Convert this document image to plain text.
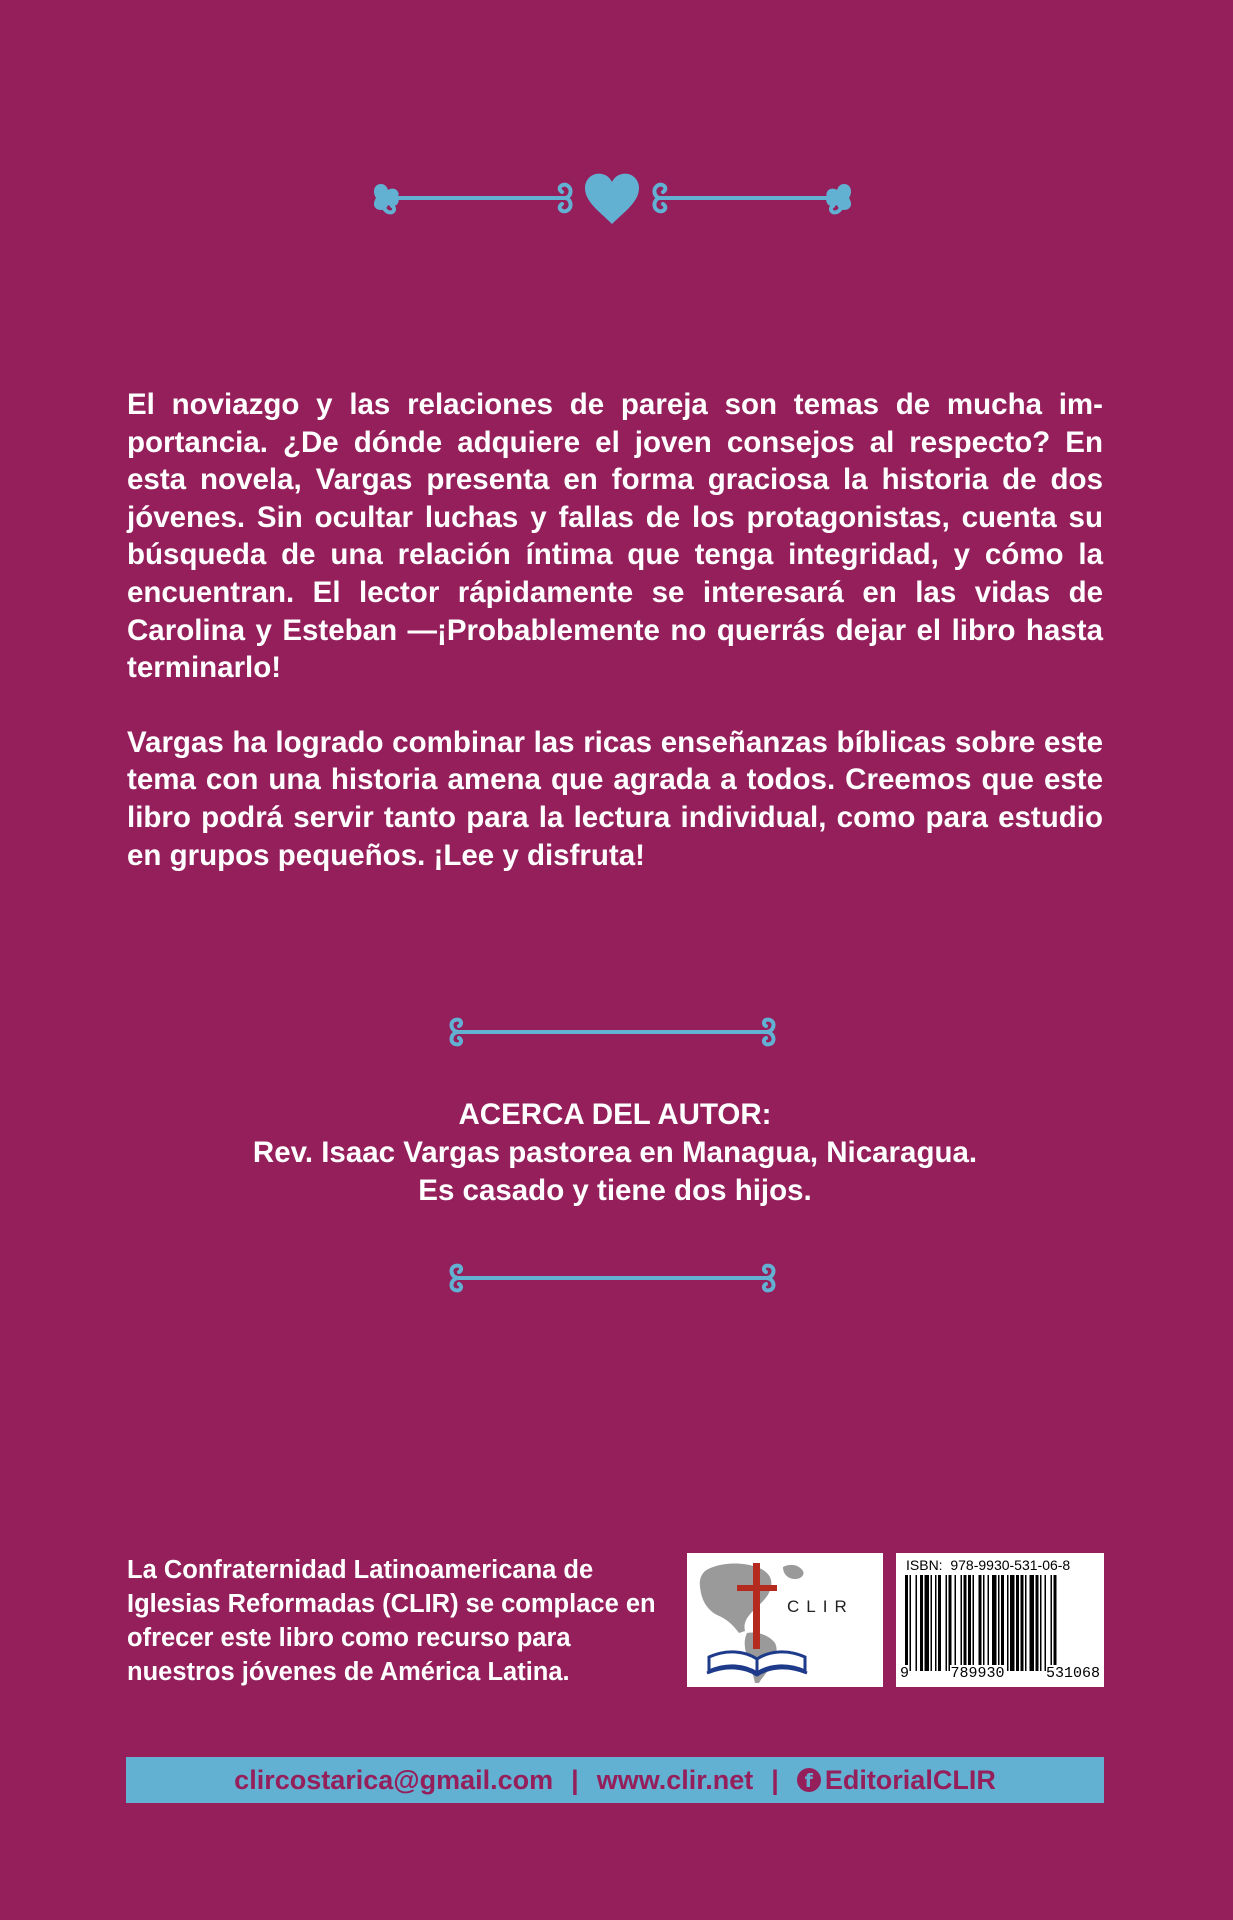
El noviazgo y las relaciones de pareja son temas de mucha im-portancia. ¿De dónde adquiere el joven consejos al respecto? En esta novela, Vargas presenta en forma graciosa la historia de dos jóvenes. Sin ocultar luchas y fallas de los protagonistas, cuenta su búsqueda de una relación íntima que tenga integridad, y cómo la encuentran. El lector rápidamente se interesará en las vidas de Carolina y Esteban —¡Probablemente no querrás dejar el libro hasta terminarlo!

Vargas ha logrado combinar las ricas enseñanzas bíblicas sobre este tema con una historia amena que agrada a todos. Creemos que este libro podrá servir tanto para la lectura individual, como para estudio en grupos pequeños. ¡Lee y disfruta!

ACERCA DEL AUTOR:
Rev. Isaac Vargas pastorea en Managua, Nicaragua.
Es casado y tiene dos hijos.

La Confraternidad Latinoamericana de Iglesias Reformadas (CLIR) se complace en ofrecer este libro como recurso para nuestros jóvenes de América Latina.

CLIR
ISBN:  978-9930-531-06-8
9	789930	531068
clircostarica@gmail.com | www.clir.net |	f EditorialCLIR
